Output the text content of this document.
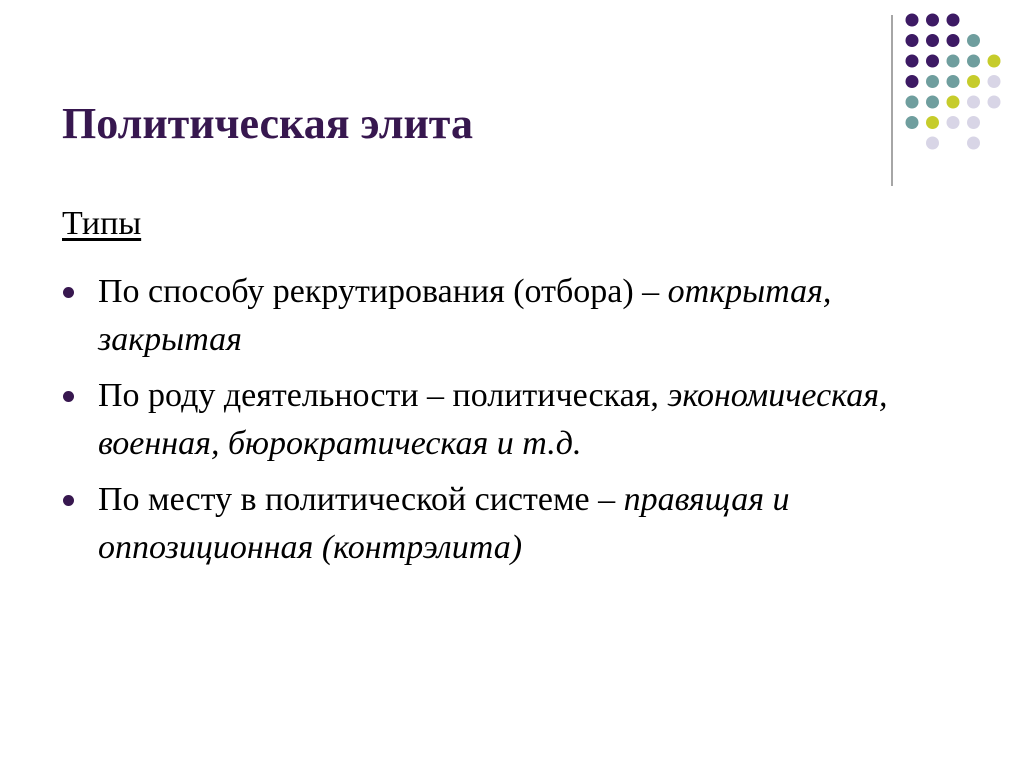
Политическая элита
Типы
По способу рекрутирования (отбора) – открытая, закрытая
По роду деятельности – политическая, экономическая, военная, бюрократическая и т.д.
По месту в политической системе – правящая и оппозиционная (контрэлита)
